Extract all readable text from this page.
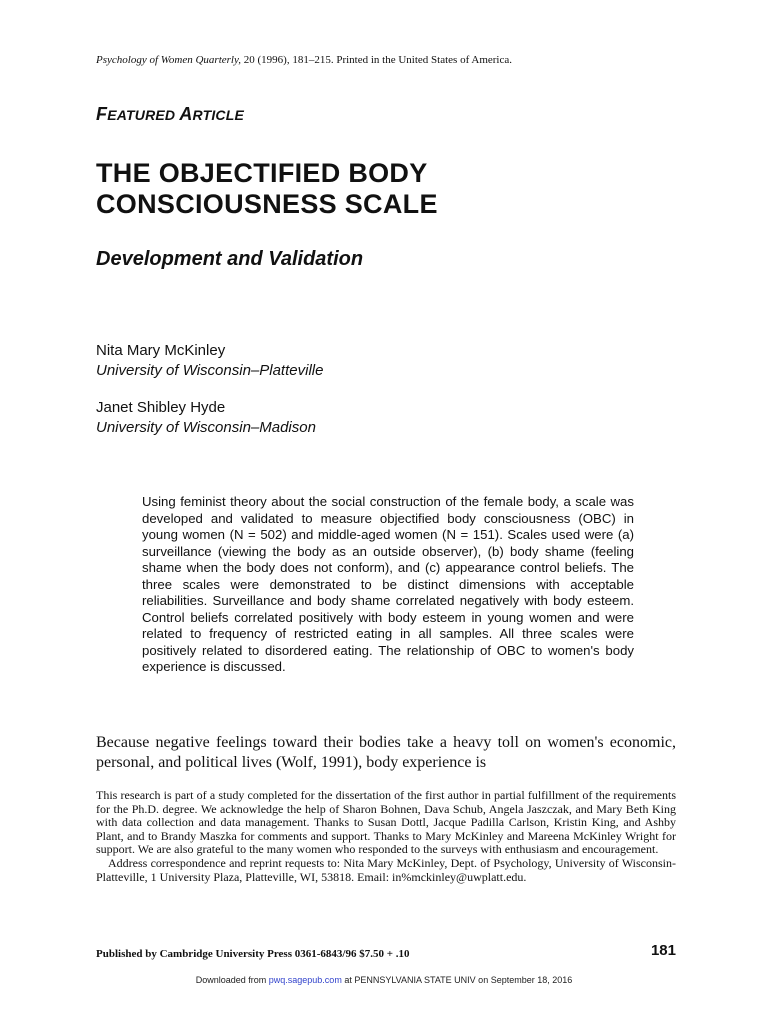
Psychology of Women Quarterly, 20 (1996), 181–215. Printed in the United States of America.
FEATURED ARTICLE
THE OBJECTIFIED BODY
CONSCIOUSNESS SCALE
Development and Validation
Nita Mary McKinley
University of Wisconsin–Platteville
Janet Shibley Hyde
University of Wisconsin–Madison
Using feminist theory about the social construction of the female body, a scale was developed and validated to measure objectified body consciousness (OBC) in young women (N = 502) and middle-aged women (N = 151). Scales used were (a) surveillance (viewing the body as an outside observer), (b) body shame (feeling shame when the body does not conform), and (c) appearance control beliefs. The three scales were demonstrated to be distinct dimensions with acceptable reliabilities. Surveillance and body shame correlated negatively with body esteem. Control beliefs correlated positively with body esteem in young women and were related to frequency of restricted eating in all samples. All three scales were positively related to disordered eating. The relationship of OBC to women's body experience is discussed.
Because negative feelings toward their bodies take a heavy toll on women's economic, personal, and political lives (Wolf, 1991), body experience is

This research is part of a study completed for the dissertation of the first author in partial fulfillment of the requirements for the Ph.D. degree. We acknowledge the help of Sharon Bohnen, Dava Schub, Angela Jaszczak, and Mary Beth King with data collection and data management. Thanks to Susan Dottl, Jacque Padilla Carlson, Kristin King, and Ashby Plant, and to Brandy Maszka for comments and support. Thanks to Mary McKinley and Mareena McKinley Wright for support. We are also grateful to the many women who responded to the surveys with enthusiasm and encouragement.

Address correspondence and reprint requests to: Nita Mary McKinley, Dept. of Psychology, University of Wisconsin-Platteville, 1 University Plaza, Platteville, WI, 53818. Email: in%mckinley@uwplatt.edu.

Published by Cambridge University Press 0361-6843/96 $7.50 + .10	181
Downloaded from pwq.sagepub.com at PENNSYLVANIA STATE UNIV on September 18, 2016
